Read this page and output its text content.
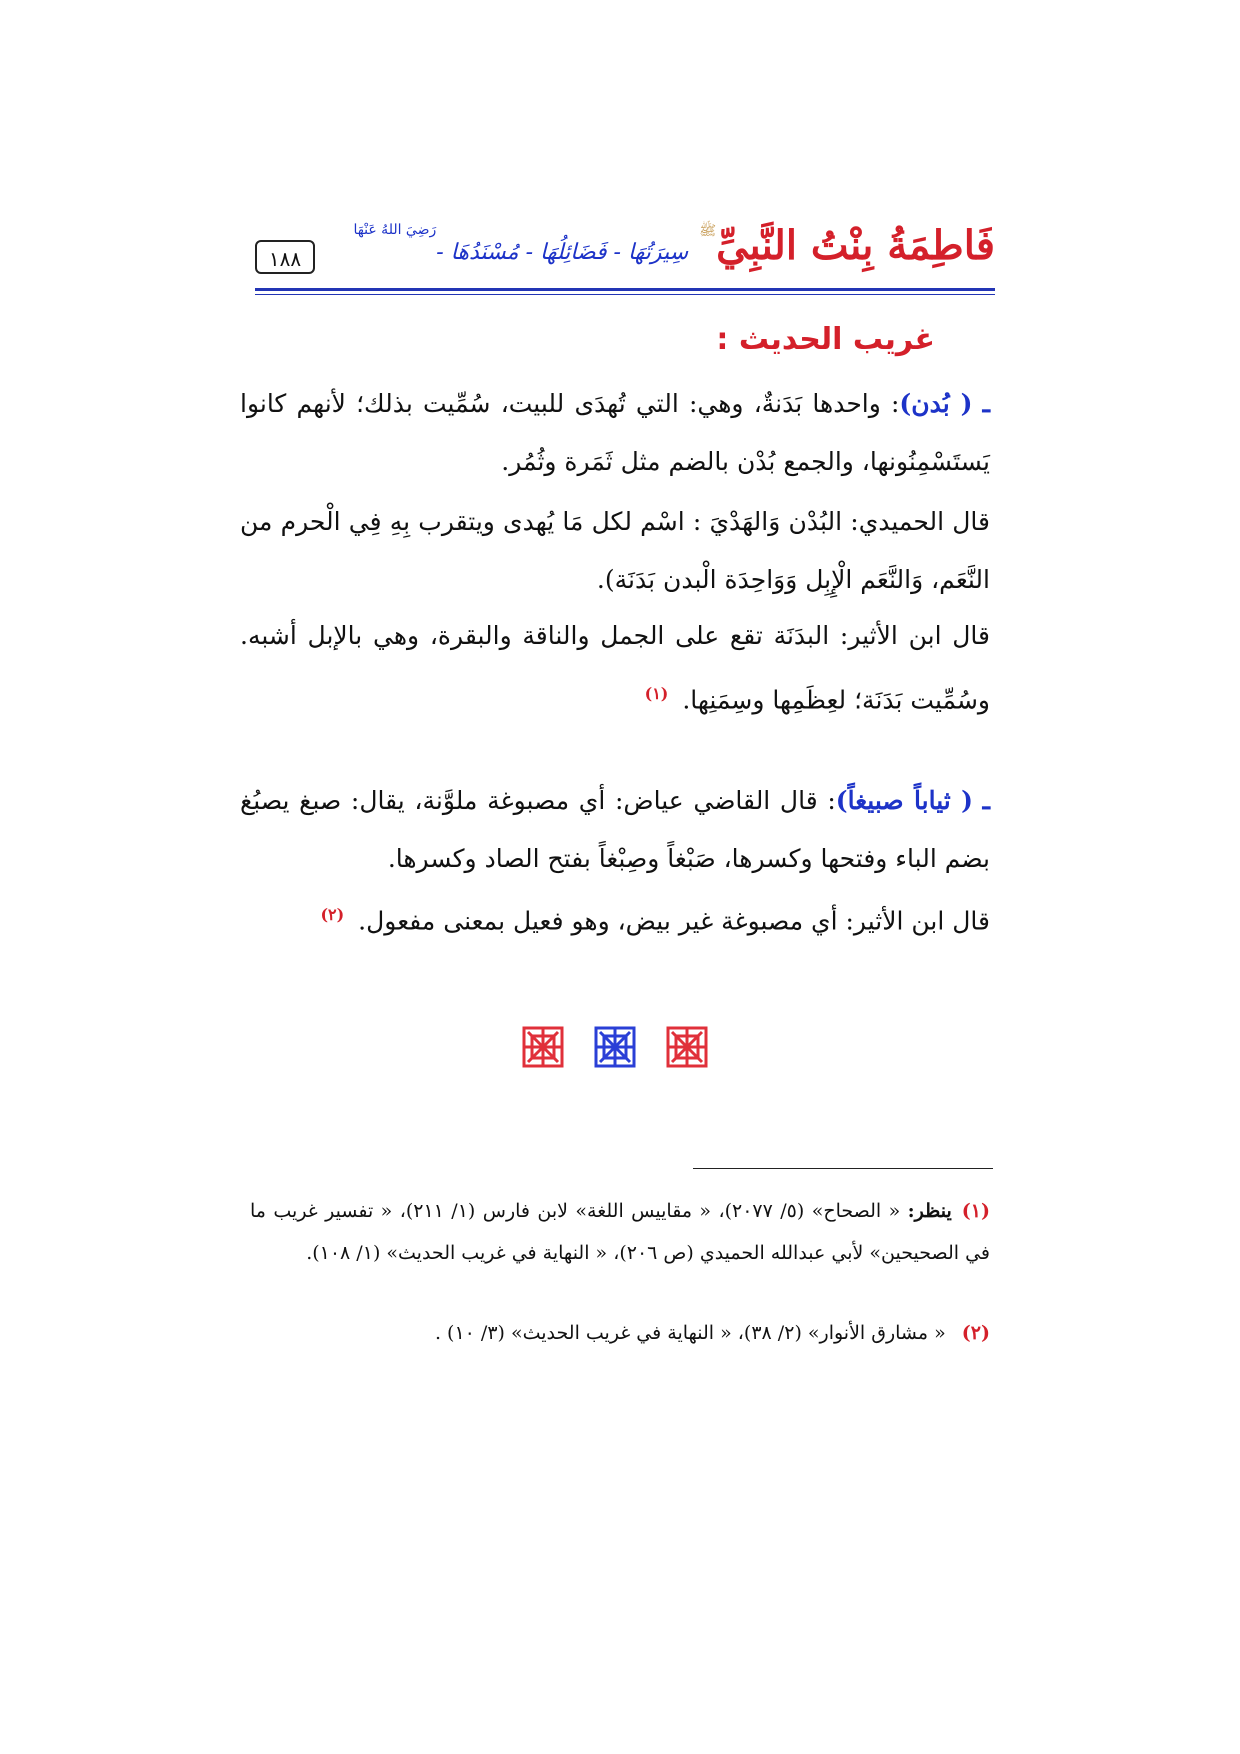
١٨٨	فَاطِمَةُ بِنْتُ النَّبِيِّﷺ سِيرَتُهَا - فَضَائِلُهَا - مُسْنَدُهَا -رَضِيَ اللهُ عَنْهَا
غريب الحديث :
ـ ( بُدن): واحدها بَدَنةٌ، وهي: التي تُهدَى للبيت، سُمِّيت بذلك؛ لأنهم كانوا يَستَسْمِنُونها، والجمع بُدْن بالضم مثل ثَمَرة وثُمُر.
قال الحميدي: البُدْن وَالهَدْيَ : اسْم لكل مَا يُهدى ويتقرب بِهِ فِي الْحرم من النَّعَم، وَالنَّعَم الْإِبِل وَوَاحِدَة الْبدن بَدَنَة).
قال ابن الأثير: البدَنَة تقع على الجمل والناقة والبقرة، وهي بالإبل أشبه. وسُمِّيت بَدَنَة؛ لعِظَمِها وسِمَنِها. $^{(١)}$
ـ ( ثياباً صبيغاً): قال القاضي عياض: أي مصبوغة ملوَّنة، يقال: صبغ يصبُغ بضم الباء وفتحها وكسرها، صَبْغاً وصِبْغاً بفتح الصاد وكسرها.
قال ابن الأثير: أي مصبوغة غير بيض، وهو فعيل بمعنى مفعول. $^{(٢)}$
(١)ينظر: « الصحاح» (٥/ ٢٠٧٧)، « مقاييس اللغة» لابن فارس (١/ ٢١١)، « تفسير غريب ما في الصحيحين» لأبي عبدالله الحميدي (ص ٢٠٦)، « النهاية في غريب الحديث» (١/ ١٠٨).
(٢) « مشارق الأنوار» (٢/ ٣٨)، « النهاية في غريب الحديث» (٣/ ١٠) .
